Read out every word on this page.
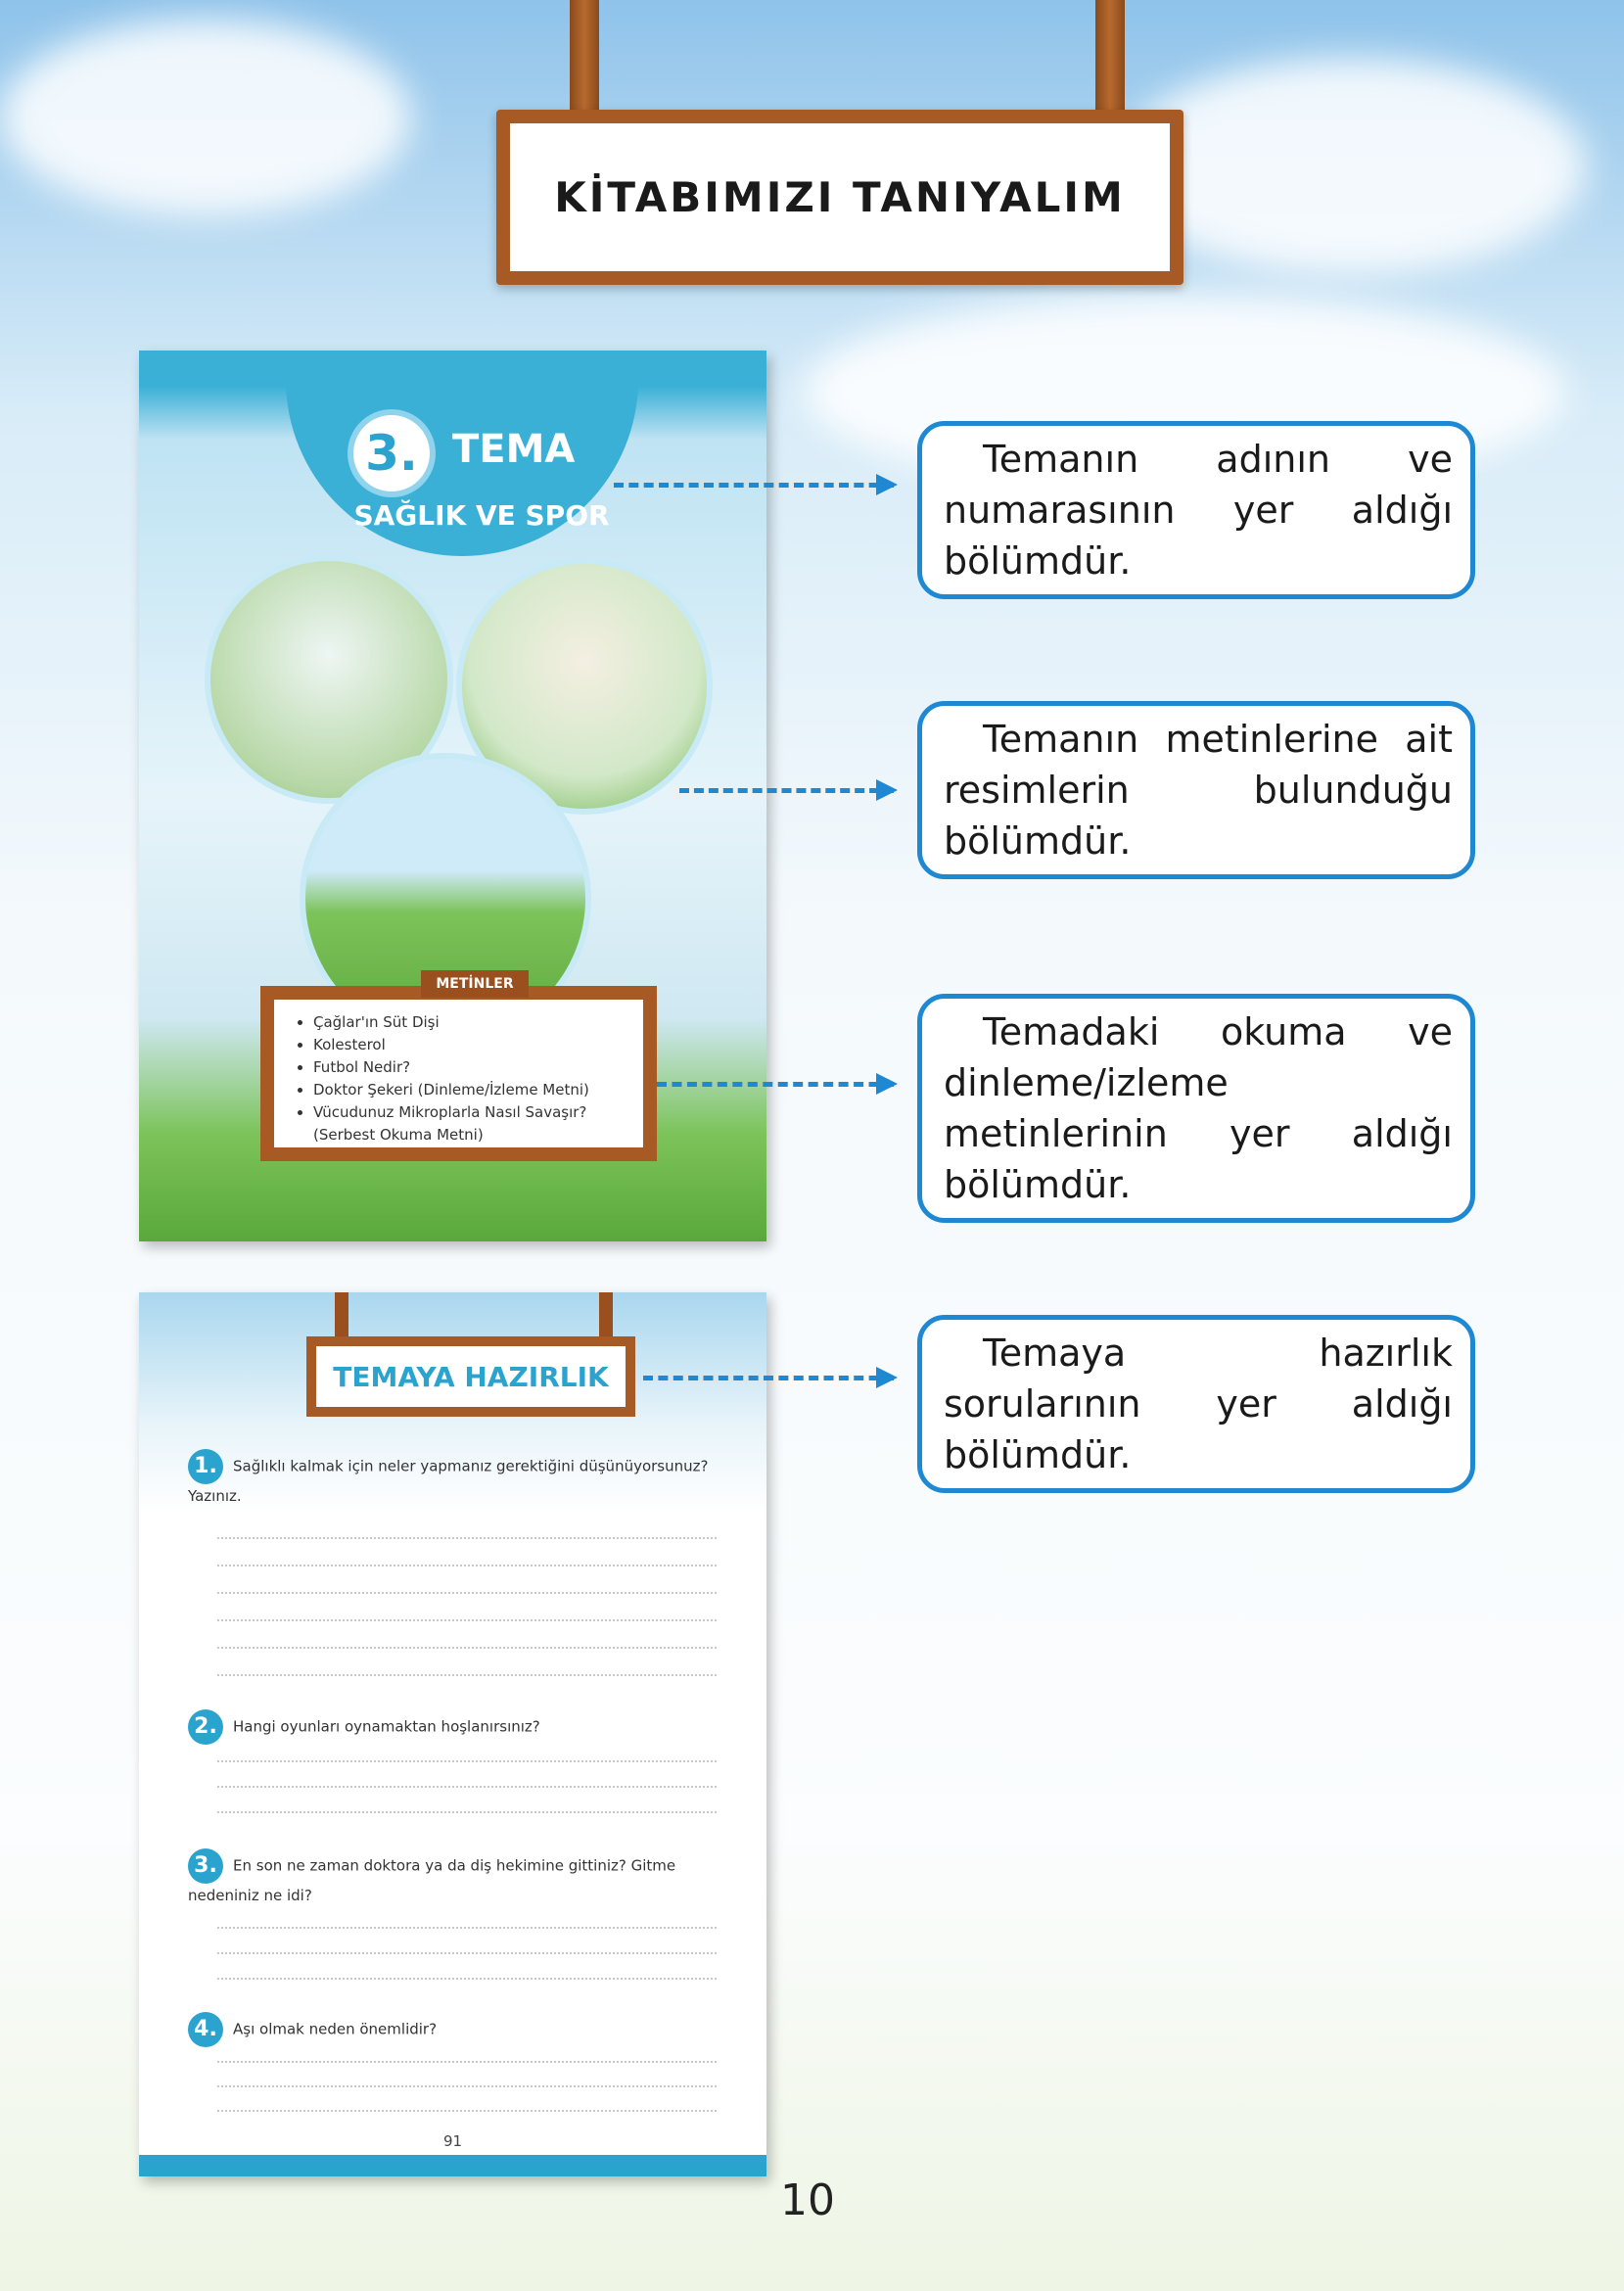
KİTABIMIZI TANIYALIM
3. TEMA
SAĞLIK VE SPOR
METİNLER
• Çağlar'ın Süt Dişi
• Kolesterol
• Futbol Nedir?
• Doktor Şekeri (Dinleme/İzleme Metni)
• Vücudunuz Mikroplarla Nasıl Savaşır? (Serbest Okuma Metni)
TEMAYA HAZIRLIK
1. Sağlıklı kalmak için neler yapmanız gerektiğini düşünüyorsunuz? Yazınız.
2. Hangi oyunları oynamaktan hoşlanırsınız?
3. En son ne zaman doktora ya da diş hekimine gittiniz? Gitme nedeniniz ne idi?
4. Aşı olmak neden önemlidir?
91
Temanın adının ve numarasının yer aldığı bölümdür.
Temanın metinlerine ait resimlerin bulunduğu bölümdür.
Temadaki okuma ve dinleme/izleme metinlerinin yer aldığı bölümdür.
Temaya hazırlık sorularının yer aldığı bölümdür.
10
